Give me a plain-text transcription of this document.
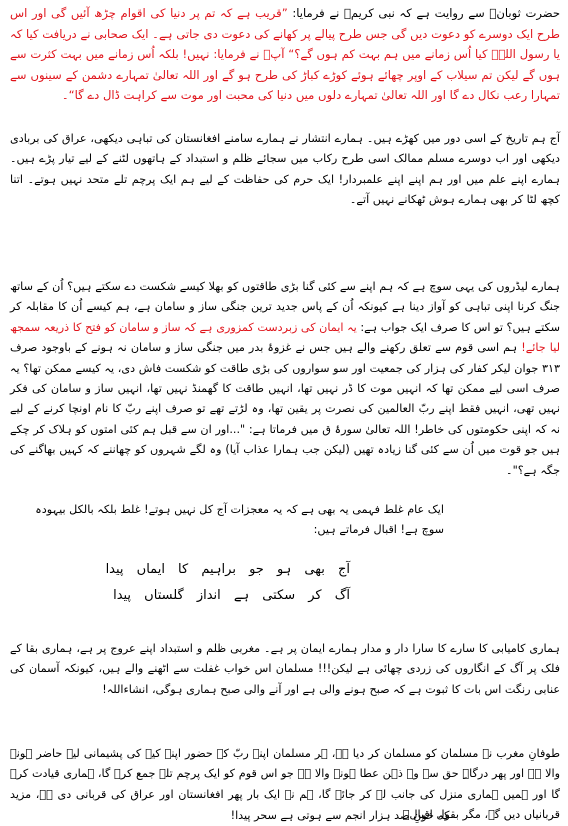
حضرت ثوبانؓ سے روایت ہے کہ نبی کریمؐ نے فرمایا: ”قریب ہے کہ تم پر دنیا کی اقوام چڑھ آئیں گی اور اس طرح ایک دوسرے کو دعوت دیں گی جس طرح پیالے پر کھانے کی دعوت دی جاتی ہے۔ ایک صحابی نے دریافت کیا کہ یا رسول اللہؐ کیا اُس زمانے میں ہم بہت کم ہوں گے؟“ آپؐ نے فرمایا: نہیں! بلکہ اُس زمانے میں بہت کثرت سے ہوں گے لیکن تم سیلاب کے اوپر چھائے ہوئے کوڑے کباڑ کی طرح ہو گے اور اللہ تعالیٰ تمہارے دشمن کے سینوں سے تمہارا رعب نکال دے گا اور اللہ تعالیٰ تمہارے دلوں میں دنیا کی محبت اور موت سے کراہت ڈال دے گا“۔

آج ہم تاریخ کے اسی دور میں کھڑے ہیں۔ ہمارے انتشار نے ہمارے سامنے افغانستان کی تباہی دیکھی، عراق کی بربادی دیکھی اور اب دوسرے مسلم ممالک اسی طرح رکاب میں سجائے ظلم و استبداد کے ہاتھوں لٹنے کے لیے تیار پڑے ہیں۔ ہمارے اپنے علم میں اور ہم اپنے اپنے علمبردار! ایک حرم کی حفاظت کے لیے ہم ایک پرچم تلے متحد نہیں ہوتے۔ اتنا کچھ لٹا کر بھی ہمارے ہوش ٹھکانے نہیں آتے۔

ہمارے لیڈروں کی یہی سوچ ہے کہ ہم اپنے سے کئی گنا بڑی طاقتوں کو بھلا کیسے شکست دے سکتے ہیں؟ اُن کے ساتھ جنگ کرنا اپنی تباہی کو آواز دینا ہے کیونکہ اُن کے پاس جدید ترین جنگی ساز و سامان ہے، ہم کیسے اُن کا مقابلہ کر سکتے ہیں؟ تو اس کا صرف ایک جواب ہے: یہ ایمان کی زبردست کمزوری ہے کہ ساز و سامان کو فتح کا ذریعہ سمجھ لیا جائے! ہم اسی قوم سے تعلق رکھنے والے ہیں جس نے غزوۂ بدر میں جنگی ساز و سامان نہ ہونے کے باوجود صرف ۳۱۳ جوان لیکر کفار کی ہزار کی جمعیت اور سو سواروں کی بڑی طاقت کو شکست فاش دی، یہ کیسے ممکن تھا؟ یہ صرف اسی لیے ممکن تھا کہ انہیں موت کا ڈر نہیں تھا، انہیں طاقت کا گھمنڈ نہیں تھا، انہیں ساز و سامان کی فکر نہیں تھی، انہیں فقط اپنے ربّ العالمین کی نصرت پر یقین تھا، وہ لڑتے تھے تو صرف اپنے ربّ کا نام اونچا کرنے کے لیے نہ کہ اپنی حکومتوں کی خاطر! اللہ تعالیٰ سورۂ ق میں فرماتا ہے: "...اور ان سے قبل ہم کئی امتوں کو ہلاک کر چکے ہیں جو قوت میں اُن سے کئی گنا زیادہ تھیں (لیکن جب ہمارا عذاب آیا) وہ لگے شہروں کو چھاننے کہ کہیں بھاگنے کی جگہ ہے؟"۔

ایک عام غلط فہمی یہ بھی ہے کہ یہ معجزات آج کل نہیں ہوتے! غلط بلکہ بالکل بیہودہ سوچ ہے! اقبال فرماتے ہیں:

آج بھی ہو جو براہیم کا ایماں پیدا
آگ کر سکتی ہے انداز گلستاں پیدا

ہماری کامیابی کا سارے کا سارا دار و مدار ہمارے ایمان پر ہے۔ مغربی ظلم و استبداد اپنے عروج پر ہے، ہماری بقا کے فلک پر آگ کے انگاروں کی زردی چھائی ہے لیکن!!! مسلمان اس خواب غفلت سے اٹھنے والے ہیں، کیونکہ آسمان کی عنابی رنگت اس بات کا ثبوت ہے کہ صبح ہونے والی ہے اور آنے والی صبح ہماری ہوگی، انشاءاللہ!

طوفانِ مغرب نے مسلمان کو مسلمان کر دیا ہے، ہر مسلمان اپنے ربّ کے حضور اپنے کیے کی پشیمانی لیے حاضر ہونے والا ہے اور پھر درگاہِ حق سے وہ ذہن عطا ہونے والا ہے جو اس قوم کو ایک پرچم تلے جمع کرے گا، ہماری قیادت کرے گا اور ہمیں ہماری منزل کی جانب لے کر جائے گا، ہم نے ایک بار پھر افغانستان اور عراق کی قربانی دی ہے، مزید قربانیاں دیں گے، مگر بقول اقبالؒ

کہ خونِ صد ہزار انجم سے ہوتی ہے سحر پیدا!
